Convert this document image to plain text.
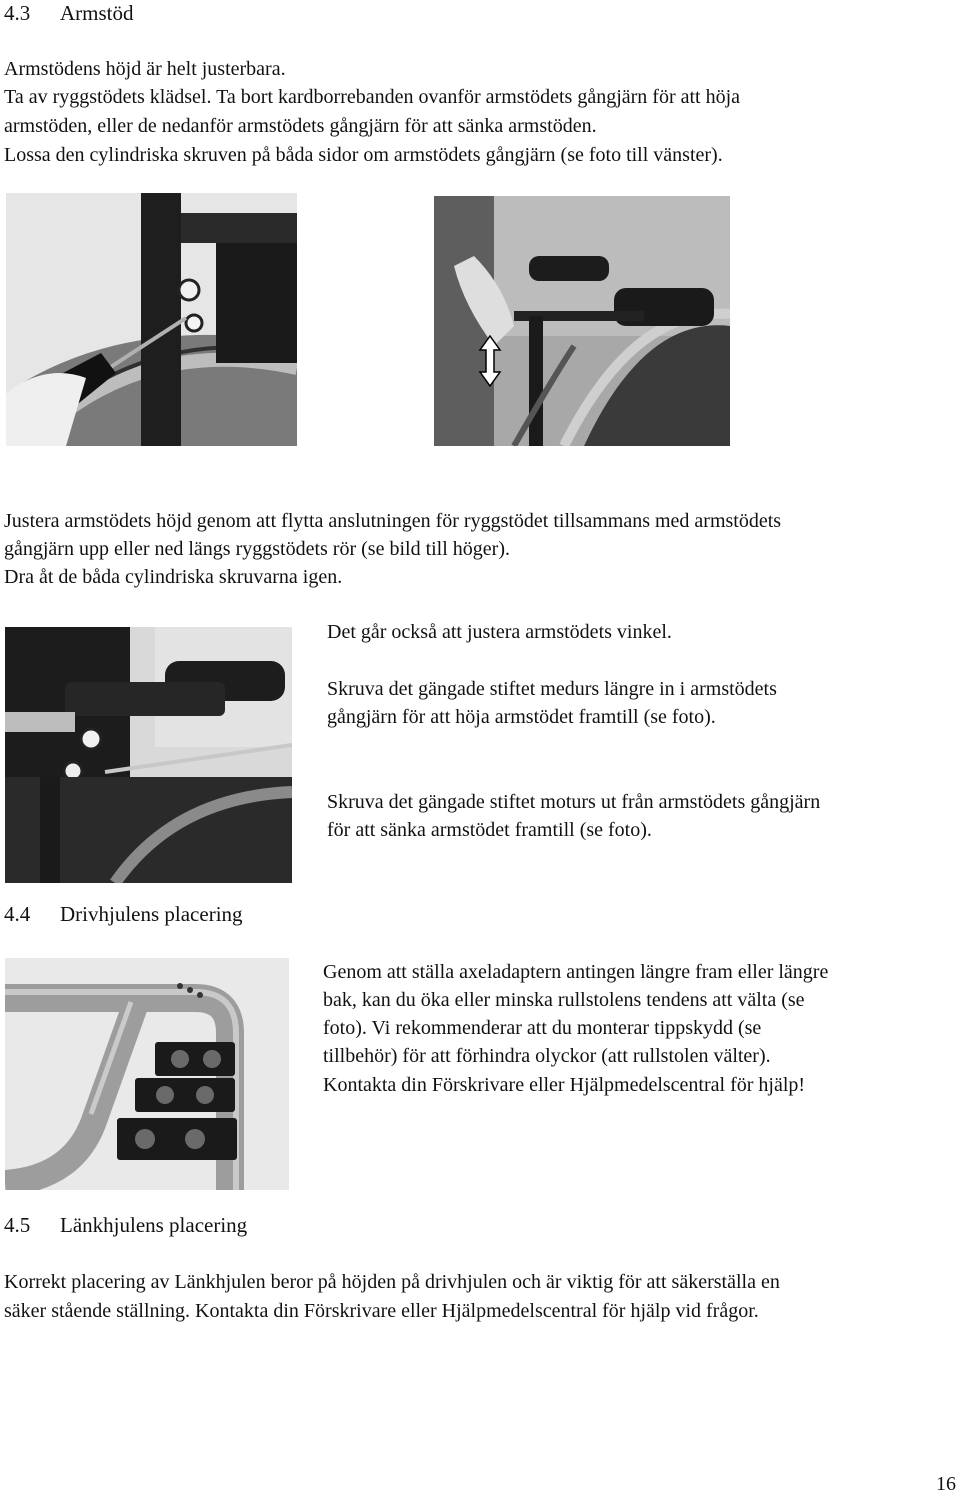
4.3 Armstöd
Armstödens höjd är helt justerbara.
Ta av ryggstödets klädsel. Ta bort kardborrebanden ovanför armstödets gångjärn för att höja
armstöden, eller de nedanför armstödets gångjärn för att sänka armstöden.
Lossa den cylindriska skruven på båda sidor om armstödets gångjärn (se foto till vänster).
Justera armstödets höjd genom att flytta anslutningen för ryggstödet tillsammans med armstödets
gångjärn upp eller ned längs ryggstödets rör (se bild till höger).
Dra åt de båda cylindriska skruvarna igen.
Det går också att justera armstödets vinkel.
Skruva det gängade stiftet medurs längre in i armstödets
gångjärn för att höja armstödet framtill (se foto).
Skruva det gängade stiftet moturs ut från armstödets gångjärn
för att sänka armstödet framtill (se foto).
4.4 Drivhjulens placering
Genom att ställa axeladaptern antingen längre fram eller längre
bak, kan du öka eller minska rullstolens tendens att välta (se
foto). Vi rekommenderar att du monterar tippskydd (se
tillbehör) för att förhindra olyckor (att rullstolen välter).
Kontakta din Förskrivare eller Hjälpmedelscentral för hjälp!
4.5 Länkhjulens placering
Korrekt placering av Länkhjulen beror på höjden på drivhjulen och är viktig för att säkerställa en
säker stående ställning. Kontakta din Förskrivare eller Hjälpmedelscentral för hjälp vid frågor.
16
